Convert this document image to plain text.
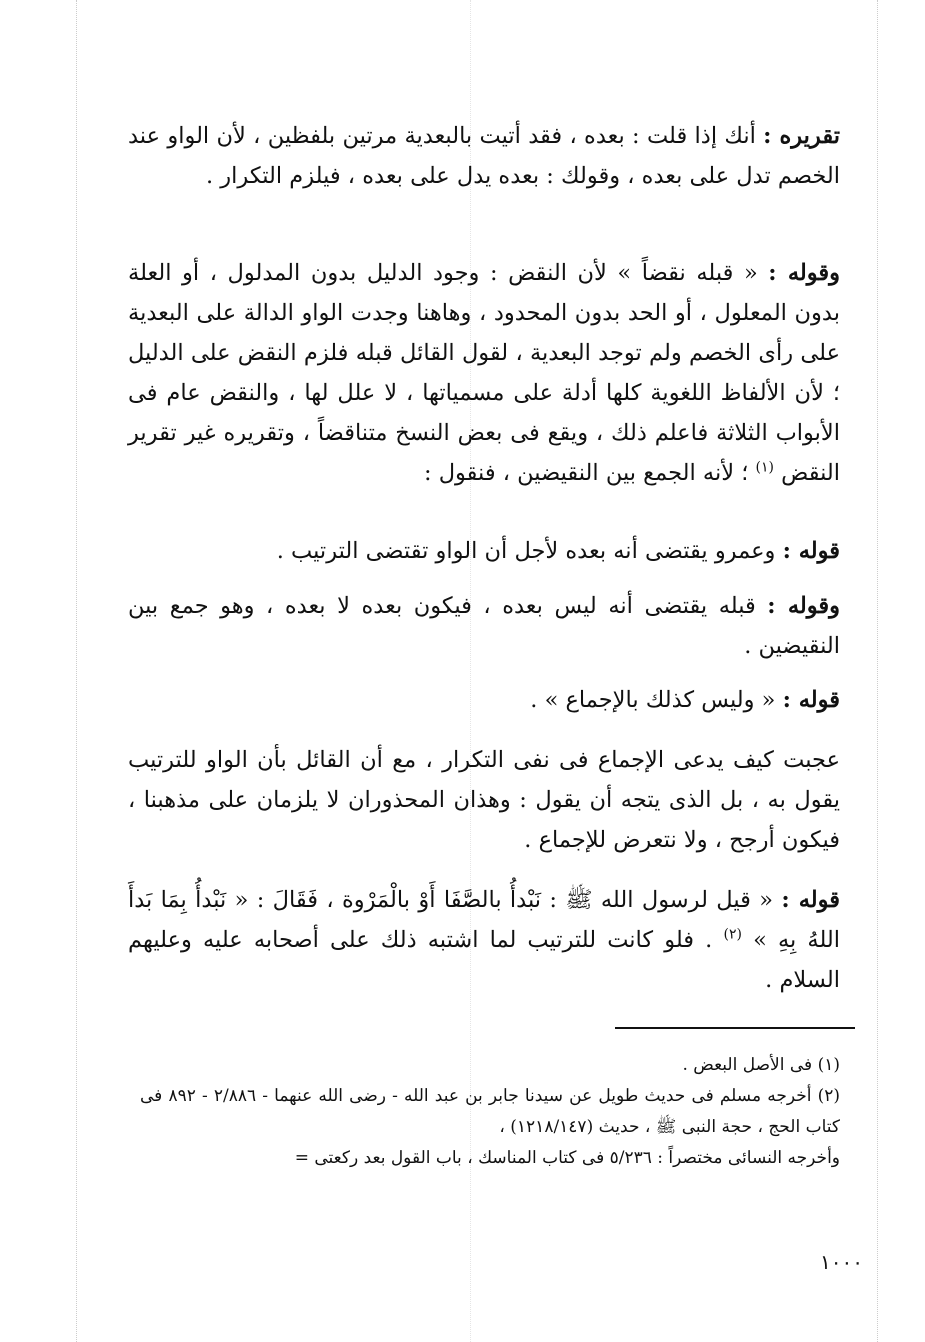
تقريره : أنك إذا قلت : بعده ، فقد أتيت بالبعدية مرتين بلفظين ، لأن الواو عند الخصم تدل على بعده ، وقولك : بعده يدل على بعده ، فيلزم التكرار .

وقوله : « قبله نقضاً » لأن النقض : وجود الدليل بدون المدلول ، أو العلة بدون المعلول ، أو الحد بدون المحدود ، وهاهنا وجدت الواو الدالة على البعدية على رأى الخصم ولم توجد البعدية ، لقول القائل قبله فلزم النقض على الدليل ؛ لأن الألفاظ اللغوية كلها أدلة على مسمياتها ، لا علل لها ، والنقض عام فى الأبواب الثلاثة فاعلم ذلك ، ويقع فى بعض النسخ متناقضاً ، وتقريره غير تقرير النقض $^{(١)}$ ؛ لأنه الجمع بين النقيضين ، فنقول :

قوله : وعمرو يقتضى أنه بعده لأجل أن الواو تقتضى الترتيب .

وقوله : قبله يقتضى أنه ليس بعده ، فيكون بعده لا بعده ، وهو جمع بين النقيضين .

قوله : « وليس كذلك بالإجماع » .

عجبت كيف يدعى الإجماع فى نفى التكرار ، مع أن القائل بأن الواو للترتيب يقول به ، بل الذى يتجه أن يقول : وهذان المحذوران لا يلزمان على مذهبنا ، فيكون أرجح ، ولا نتعرض للإجماع .

قوله : « قيل لرسول الله ﷺ : نَبْدأُ بالصَّفَا أَوْ بالْمَرْوة ، فَقَالَ : « نَبْدأُ بِمَا بَدأَ اللهُ بِهِ » $^{(٢)}$ . فلو كانت للترتيب لما اشتبه ذلك على أصحابه عليه وعليهم السلام .

(١) فى الأصل البعض .

(٢) أخرجه مسلم فى حديث طويل عن سيدنا جابر بن عبد الله - رضى الله عنهما - ٢/٨٨٦ - ٨٩٢ فى كتاب الحج ، حجة النبى ﷺ ، حديث (١٢١٨/١٤٧) ،

وأخرجه النسائى مختصراً : ٥/٢٣٦ فى كتاب المناسك ، باب القول بعد ركعتى =

١٠٠٠
